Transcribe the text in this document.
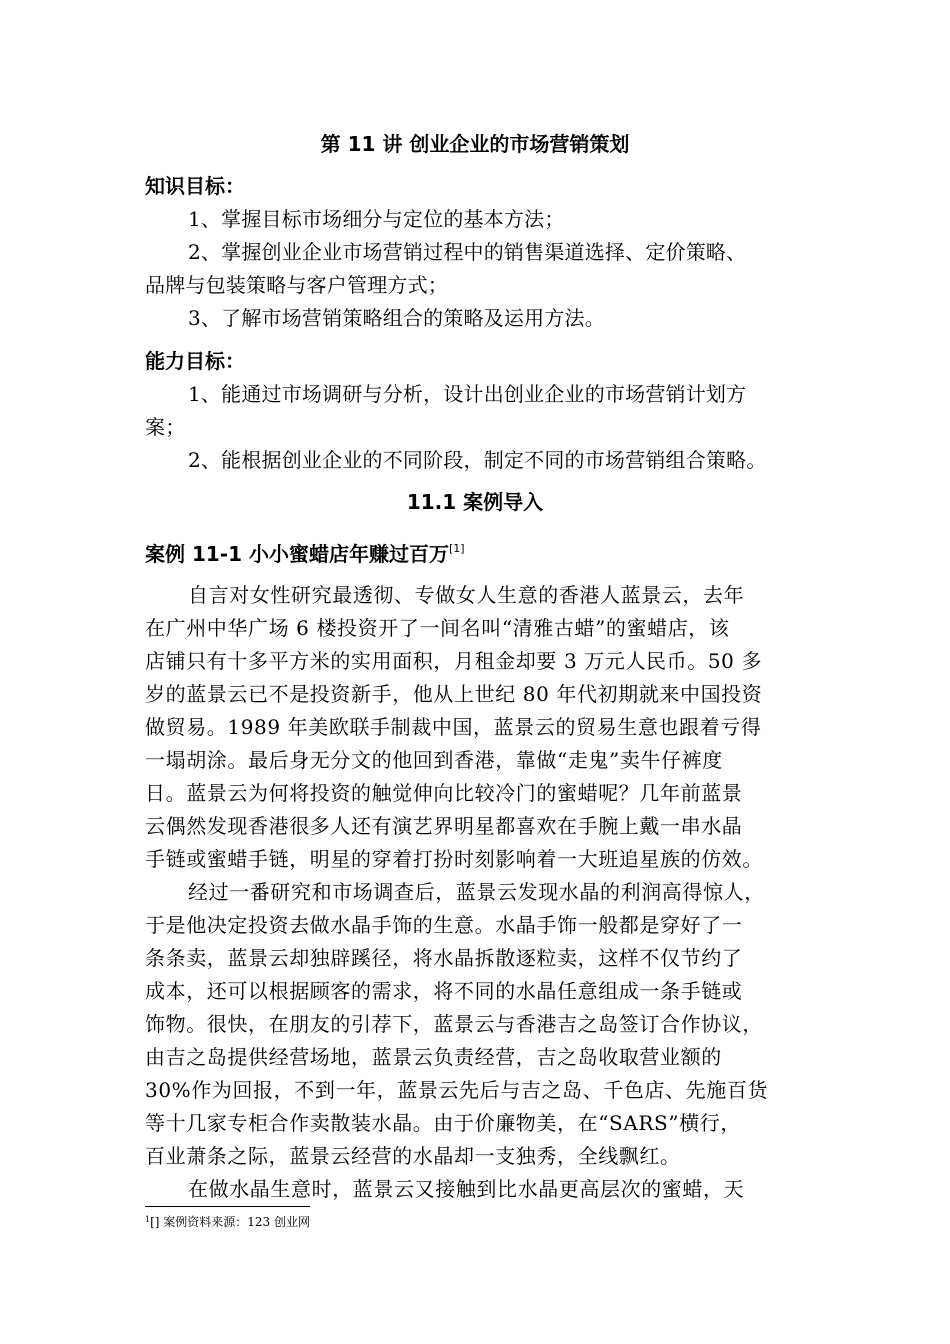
第 11 讲 创业企业的市场营销策划
知识目标：
1、掌握目标市场细分与定位的基本方法；
2、掌握创业企业市场营销过程中的销售渠道选择、定价策略、
品牌与包装策略与客户管理方式；
3、了解市场营销策略组合的策略及运用方法。
能力目标：
1、能通过市场调研与分析，设计出创业企业的市场营销计划方
案；
2、能根据创业企业的不同阶段，制定不同的市场营销组合策略。
11.1 案例导入
案例 11-1 小小蜜蜡店年赚过百万[1]
自言对女性研究最透彻、专做女人生意的香港人蓝景云，去年
在广州中华广场 6 楼投资开了一间名叫“清雅古蜡”的蜜蜡店，该
店铺只有十多平方米的实用面积，月租金却要 3 万元人民币。50 多
岁的蓝景云已不是投资新手，他从上世纪 80 年代初期就来中国投资
做贸易。1989 年美欧联手制裁中国，蓝景云的贸易生意也跟着亏得
一塌胡涂。最后身无分文的他回到香港，靠做“走鬼”卖牛仔裤度
日。蓝景云为何将投资的触觉伸向比较冷门的蜜蜡呢？几年前蓝景
云偶然发现香港很多人还有演艺界明星都喜欢在手腕上戴一串水晶
手链或蜜蜡手链，明星的穿着打扮时刻影响着一大班追星族的仿效。
经过一番研究和市场调查后，蓝景云发现水晶的利润高得惊人，
于是他决定投资去做水晶手饰的生意。水晶手饰一般都是穿好了一
条条卖，蓝景云却独辟蹊径，将水晶拆散逐粒卖，这样不仅节约了
成本，还可以根据顾客的需求，将不同的水晶任意组成一条手链或
饰物。很快，在朋友的引荐下，蓝景云与香港吉之岛签订合作协议，
由吉之岛提供经营场地，蓝景云负责经营，吉之岛收取营业额的
30%作为回报，不到一年，蓝景云先后与吉之岛、千色店、先施百货
等十几家专柜合作卖散装水晶。由于价廉物美，在“SARS”横行，
百业萧条之际，蓝景云经营的水晶却一支独秀，全线飘红。
在做水晶生意时，蓝景云又接触到比水晶更高层次的蜜蜡，天
$^1$[] 案例资料来源：123 创业网
